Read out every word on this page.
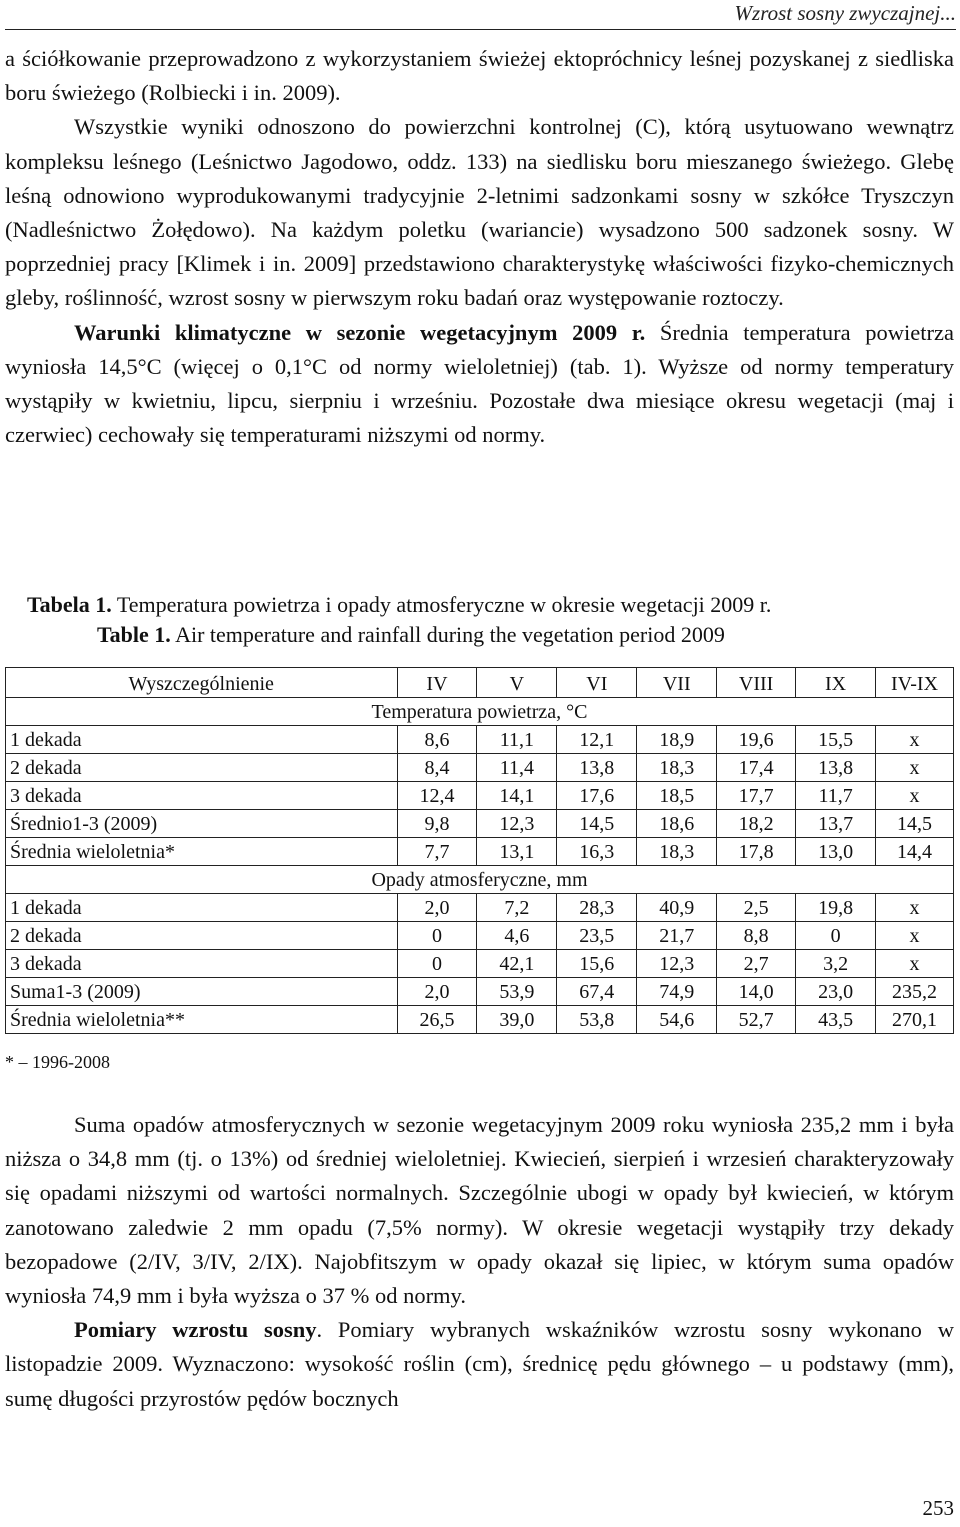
Wzrost sosny zwyczajnej...

a ściółkowanie przeprowadzono z wykorzystaniem świeżej ektopróchnicy leśnej pozyskanej z siedliska boru świeżego (Rolbiecki i in. 2009).

Wszystkie wyniki odnoszono do powierzchni kontrolnej (C), którą usytuowano wewnątrz kompleksu leśnego (Leśnictwo Jagodowo, oddz. 133) na siedlisku boru mieszanego świeżego. Glebę leśną odnowiono wyprodukowanymi tradycyjnie 2-letnimi sadzonkami sosny w szkółce Tryszczyn (Nadleśnictwo Żołędowo). Na każdym poletku (wariancie) wysadzono 500 sadzonek sosny. W poprzedniej pracy [Klimek i in. 2009] przedstawiono charakterystykę właściwości fizyko-chemicznych gleby, roślinność, wzrost sosny w pierwszym roku badań oraz występowanie roztoczy.

Warunki klimatyczne w sezonie wegetacyjnym 2009 r. Średnia temperatura powietrza wyniosła 14,5°C (więcej o 0,1°C od normy wieloletniej) (tab. 1). Wyższe od normy temperatury wystąpiły w kwietniu, lipcu, sierpniu i wrześniu. Pozostałe dwa miesiące okresu wegetacji (maj i czerwiec) cechowały się temperaturami niższymi od normy.

Tabela 1. Temperatura powietrza i opady atmosferyczne w okresie wegetacji 2009 r.
Table 1. Air temperature and rainfall during the vegetation period 2009
Wyszczególnienie	IV	V	VI	VII	VIII	IX	IV-IX
Temperatura powietrza, °C							
1 dekada	8,6	11,1	12,1	18,9	19,6	15,5	x
2 dekada	8,4	11,4	13,8	18,3	17,4	13,8	x
3 dekada	12,4	14,1	17,6	18,5	17,7	11,7	x
Średnio1-3 (2009)	9,8	12,3	14,5	18,6	18,2	13,7	14,5
Średnia wieloletnia*	7,7	13,1	16,3	18,3	17,8	13,0	14,4
Opady atmosferyczne, mm							
1 dekada	2,0	7,2	28,3	40,9	2,5	19,8	x
2 dekada	0	4,6	23,5	21,7	8,8	0	x
3 dekada	0	42,1	15,6	12,3	2,7	3,2	x
Suma1-3 (2009)	2,0	53,9	67,4	74,9	14,0	23,0	235,2
Średnia wieloletnia**	26,5	39,0	53,8	54,6	52,7	43,5	270,1
* – 1996-2008

Suma opadów atmosferycznych w sezonie wegetacyjnym 2009 roku wyniosła 235,2 mm i była niższa o 34,8 mm (tj. o 13%) od średniej wieloletniej. Kwiecień, sierpień i wrzesień charakteryzowały się opadami niższymi od wartości normalnych. Szczególnie ubogi w opady był kwiecień, w którym zanotowano zaledwie 2 mm opadu (7,5% normy). W okresie wegetacji wystąpiły trzy dekady bezopadowe (2/IV, 3/IV, 2/IX). Najobfitszym w opady okazał się lipiec, w którym suma opadów wyniosła 74,9 mm i była wyższa o 37 % od normy.

Pomiary wzrostu sosny. Pomiary wybranych wskaźników wzrostu sosny wykonano w listopadzie 2009. Wyznaczono: wysokość roślin (cm), średnicę pędu głównego – u podstawy (mm), sumę długości przyrostów pędów bocznych

253
